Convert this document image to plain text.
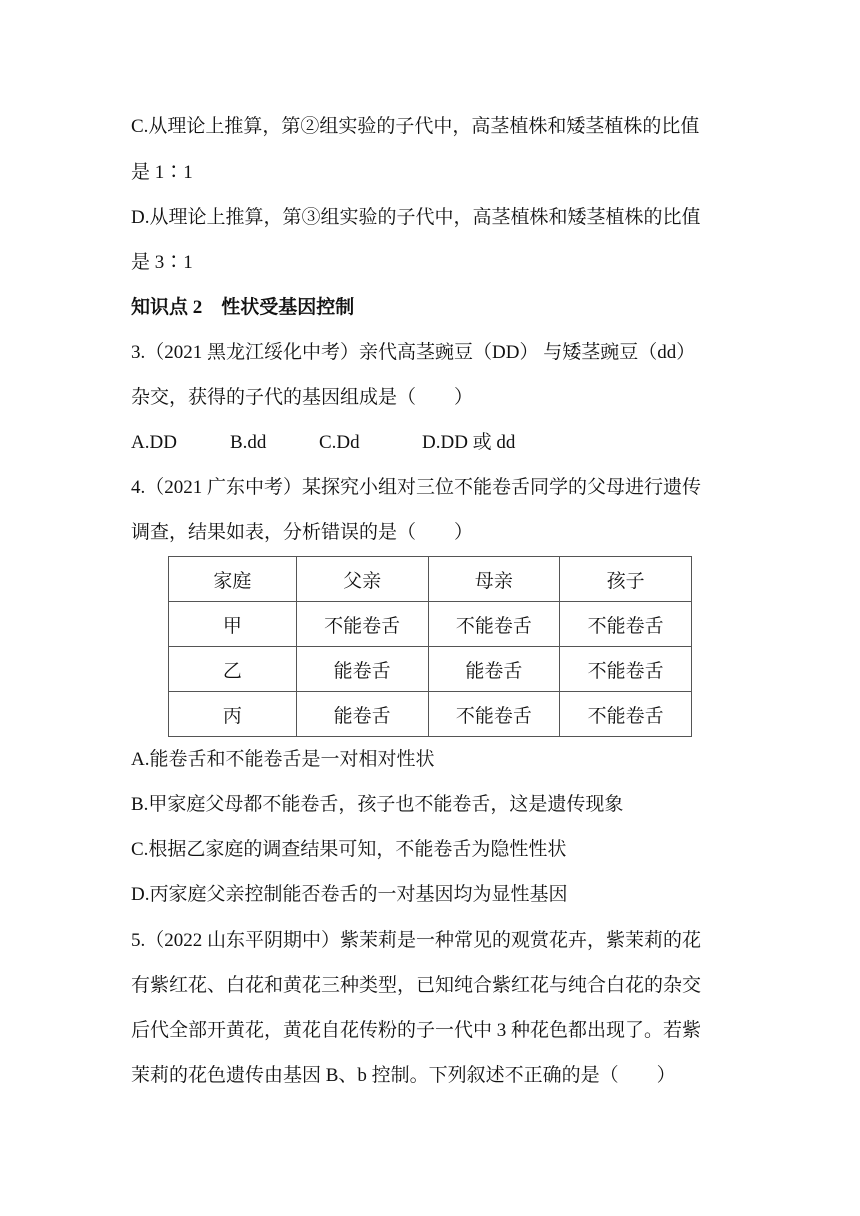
C.从理论上推算，第②组实验的子代中，高茎植株和矮茎植株的比值
是 1∶1
D.从理论上推算，第③组实验的子代中，高茎植株和矮茎植株的比值
是 3∶1
知识点 2　性状受基因控制
3.（2021 黑龙江绥化中考）亲代高茎豌豆（DD） 与矮茎豌豆（dd）
杂交，获得的子代的基因组成是（　　）
A.DD	B.dd	C.Dd	D.DD 或 dd
4.（2021 广东中考）某探究小组对三位不能卷舌同学的父母进行遗传
调查，结果如表，分析错误的是（　　）
家庭	父亲	母亲	孩子
甲	不能卷舌	不能卷舌	不能卷舌
乙	能卷舌	能卷舌	不能卷舌
丙	能卷舌	不能卷舌	不能卷舌
A.能卷舌和不能卷舌是一对相对性状
B.甲家庭父母都不能卷舌，孩子也不能卷舌，这是遗传现象
C.根据乙家庭的调查结果可知，不能卷舌为隐性性状
D.丙家庭父亲控制能否卷舌的一对基因均为显性基因
5.（2022 山东平阴期中）紫茉莉是一种常见的观赏花卉，紫茉莉的花
有紫红花、白花和黄花三种类型，已知纯合紫红花与纯合白花的杂交
后代全部开黄花，黄花自花传粉的子一代中 3 种花色都出现了。若紫
茉莉的花色遗传由基因 B、b 控制。下列叙述不正确的是（　　）
